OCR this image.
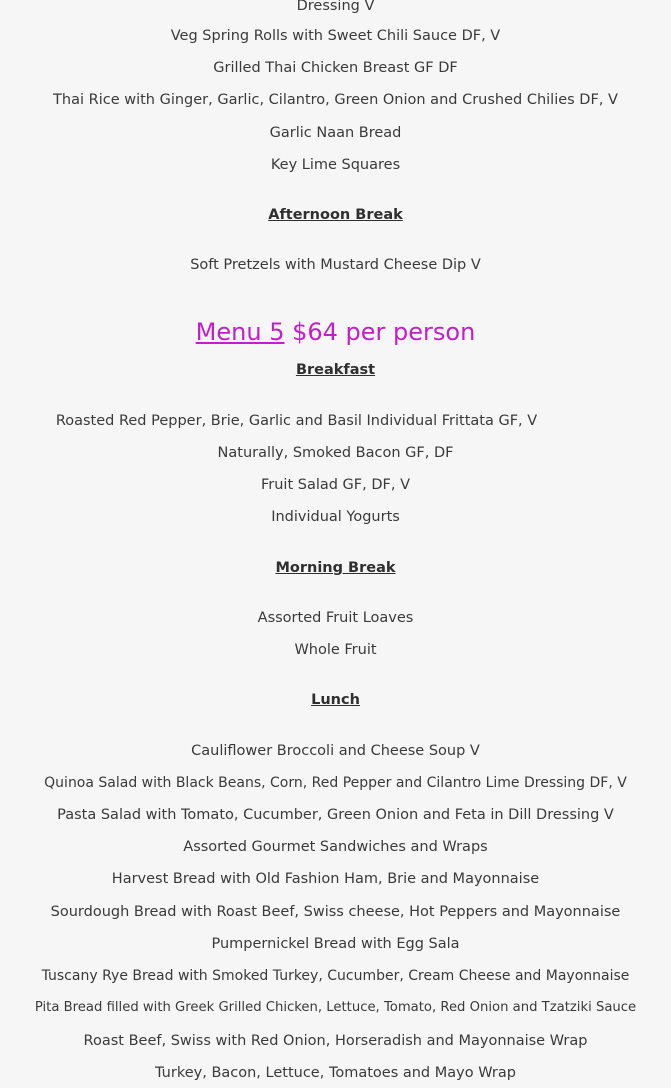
Dressing V
Veg Spring Rolls with Sweet Chili Sauce DF, V
Grilled Thai Chicken Breast GF DF
Thai Rice with Ginger, Garlic, Cilantro, Green Onion and Crushed Chilies DF, V
Garlic Naan Bread
Key Lime Squares
Afternoon Break
Soft Pretzels with Mustard Cheese Dip V
Menu 5 $64 per person
Breakfast
Roasted Red Pepper, Brie, Garlic and Basil Individual Frittata GF, V
Naturally, Smoked Bacon GF, DF
Fruit Salad GF, DF, V
Individual Yogurts
Morning Break
Assorted Fruit Loaves
Whole Fruit
Lunch
Cauliflower Broccoli and Cheese Soup V
Quinoa Salad with Black Beans, Corn, Red Pepper and Cilantro Lime Dressing DF, V
Pasta Salad with Tomato, Cucumber, Green Onion and Feta in Dill Dressing V
Assorted Gourmet Sandwiches and Wraps
Harvest Bread with Old Fashion Ham, Brie and Mayonnaise
Sourdough Bread with Roast Beef, Swiss cheese, Hot Peppers and Mayonnaise
Pumpernickel Bread with Egg Sala
Tuscany Rye Bread with Smoked Turkey, Cucumber, Cream Cheese and Mayonnaise
Pita Bread filled with Greek Grilled Chicken, Lettuce, Tomato, Red Onion and Tzatziki Sauce
Roast Beef, Swiss with Red Onion, Horseradish and Mayonnaise Wrap
Turkey, Bacon, Lettuce, Tomatoes and Mayo Wrap
